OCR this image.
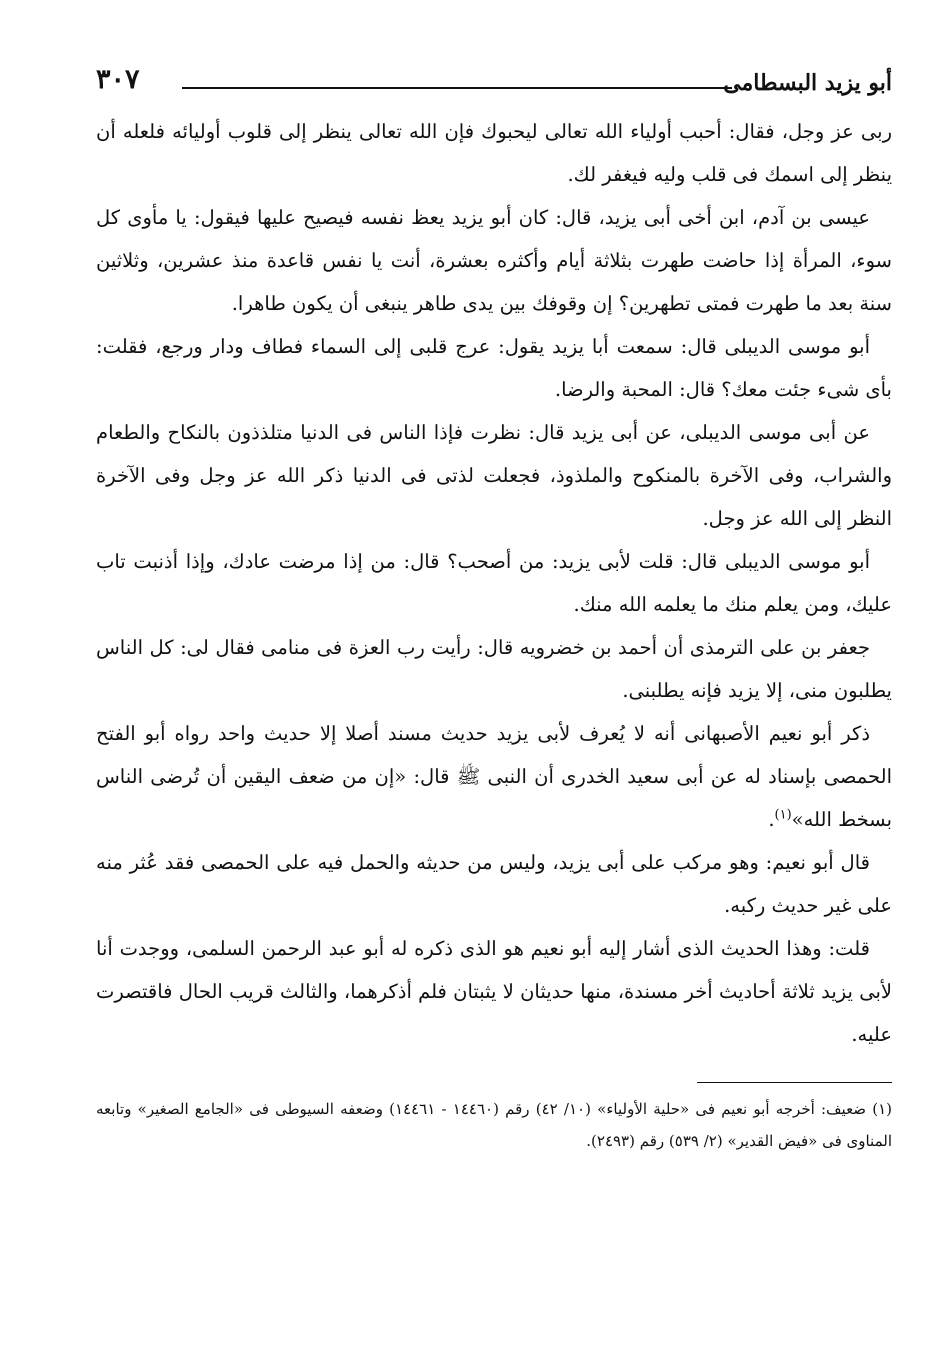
أبو يزيد البسطامى
٣٠٧

ربى عز وجل، فقال: أحبب أولياء الله تعالى ليحبوك فإن الله تعالى ينظر إلى قلوب أوليائه فلعله أن ينظر إلى اسمك فى قلب وليه فيغفر لك.

عيسى بن آدم، ابن أخى أبى يزيد، قال: كان أبو يزيد يعظ نفسه فيصيح عليها فيقول: يا مأوى كل سوء، المرأة إذا حاضت طهرت بثلاثة أيام وأكثره بعشرة، أنت يا نفس قاعدة منذ عشرين، وثلاثين سنة بعد ما طهرت فمتى تطهرين؟ إن وقوفك بين يدى طاهر ينبغى أن يكون طاهرا.

أبو موسى الديبلى قال: سمعت أبا يزيد يقول: عرج قلبى إلى السماء فطاف ودار ورجع، فقلت: بأى شىء جئت معك؟ قال: المحبة والرضا.

عن أبى موسى الديبلى، عن أبى يزيد قال: نظرت فإذا الناس فى الدنيا متلذذون بالنكاح والطعام والشراب، وفى الآخرة بالمنكوح والملذوذ، فجعلت لذتى فى الدنيا ذكر الله عز وجل وفى الآخرة النظر إلى الله عز وجل.

أبو موسى الديبلى قال: قلت لأبى يزيد: من أصحب؟ قال: من إذا مرضت عادك، وإذا أذنبت تاب عليك، ومن يعلم منك ما يعلمه الله منك.

جعفر بن على الترمذى أن أحمد بن خضرويه قال: رأيت رب العزة فى منامى فقال لى: كل الناس يطلبون منى، إلا يزيد فإنه يطلبنى.

ذكر أبو نعيم الأصبهانى أنه لا يُعرف لأبى يزيد حديث مسند أصلا إلا حديث واحد رواه أبو الفتح الحمصى بإسناد له عن أبى سعيد الخدرى أن النبى ﷺ قال: «إن من ضعف اليقين أن تُرضى الناس بسخط الله»$^{(١)}$.

قال أبو نعيم: وهو مركب على أبى يزيد، وليس من حديثه والحمل فيه على الحمصى فقد عُثر منه على غير حديث ركبه.

قلت: وهذا الحديث الذى أشار إليه أبو نعيم هو الذى ذكره له أبو عبد الرحمن السلمى، ووجدت أنا لأبى يزيد ثلاثة أحاديث أخر مسندة، منها حديثان لا يثبتان فلم أذكرهما، والثالث قريب الحال فاقتصرت عليه.

(١) ضعيف: أخرجه أبو نعيم فى «حلية الأولياء» (١٠/ ٤٢) رقم (١٤٤٦٠ - ١٤٤٦١) وضعفه السيوطى فى «الجامع الصغير» وتابعه المناوى فى «فيض القدير» (٢/ ٥٣٩) رقم (٢٤٩٣).
